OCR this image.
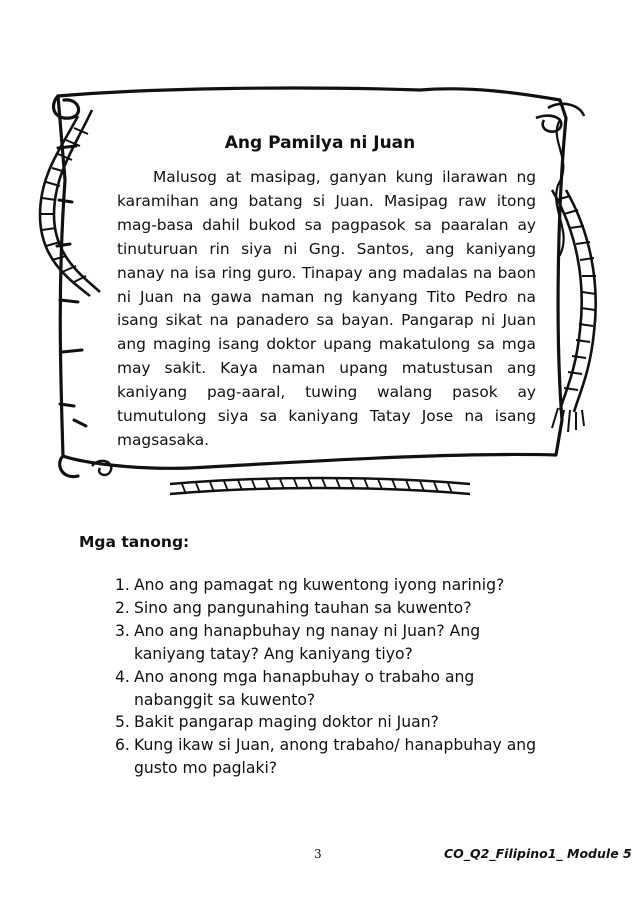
Ang Pamilya ni Juan

Malusog at masipag, ganyan kung ilarawan ng karamihan ang batang si Juan. Masipag raw itong mag-basa dahil bukod sa pagpasok sa paaralan ay tinuturuan rin siya ni Gng. Santos, ang kaniyang nanay na isa ring guro. Tinapay ang madalas na baon ni Juan na gawa naman ng kanyang Tito Pedro na isang sikat na panadero sa bayan. Pangarap ni Juan ang maging isang doktor upang makatulong sa mga may sakit. Kaya naman upang matustusan ang kaniyang pag-aaral, tuwing walang pasok ay tumutulong siya sa kaniyang Tatay Jose na isang magsasaka.

Mga tanong:
1. Ano ang pamagat ng kuwentong iyong narinig?
2. Sino ang pangunahing tauhan sa kuwento?
3. Ano ang hanapbuhay ng nanay ni Juan? Ang kaniyang tatay? Ang kaniyang tiyo?
4. Ano anong mga hanapbuhay o trabaho ang nabanggit sa kuwento?
5. Bakit pangarap maging doktor ni Juan?
6. Kung ikaw si Juan, anong trabaho/ hanapbuhay ang gusto mo paglaki?
3	CO_Q2_Filipino1_ Module 5
